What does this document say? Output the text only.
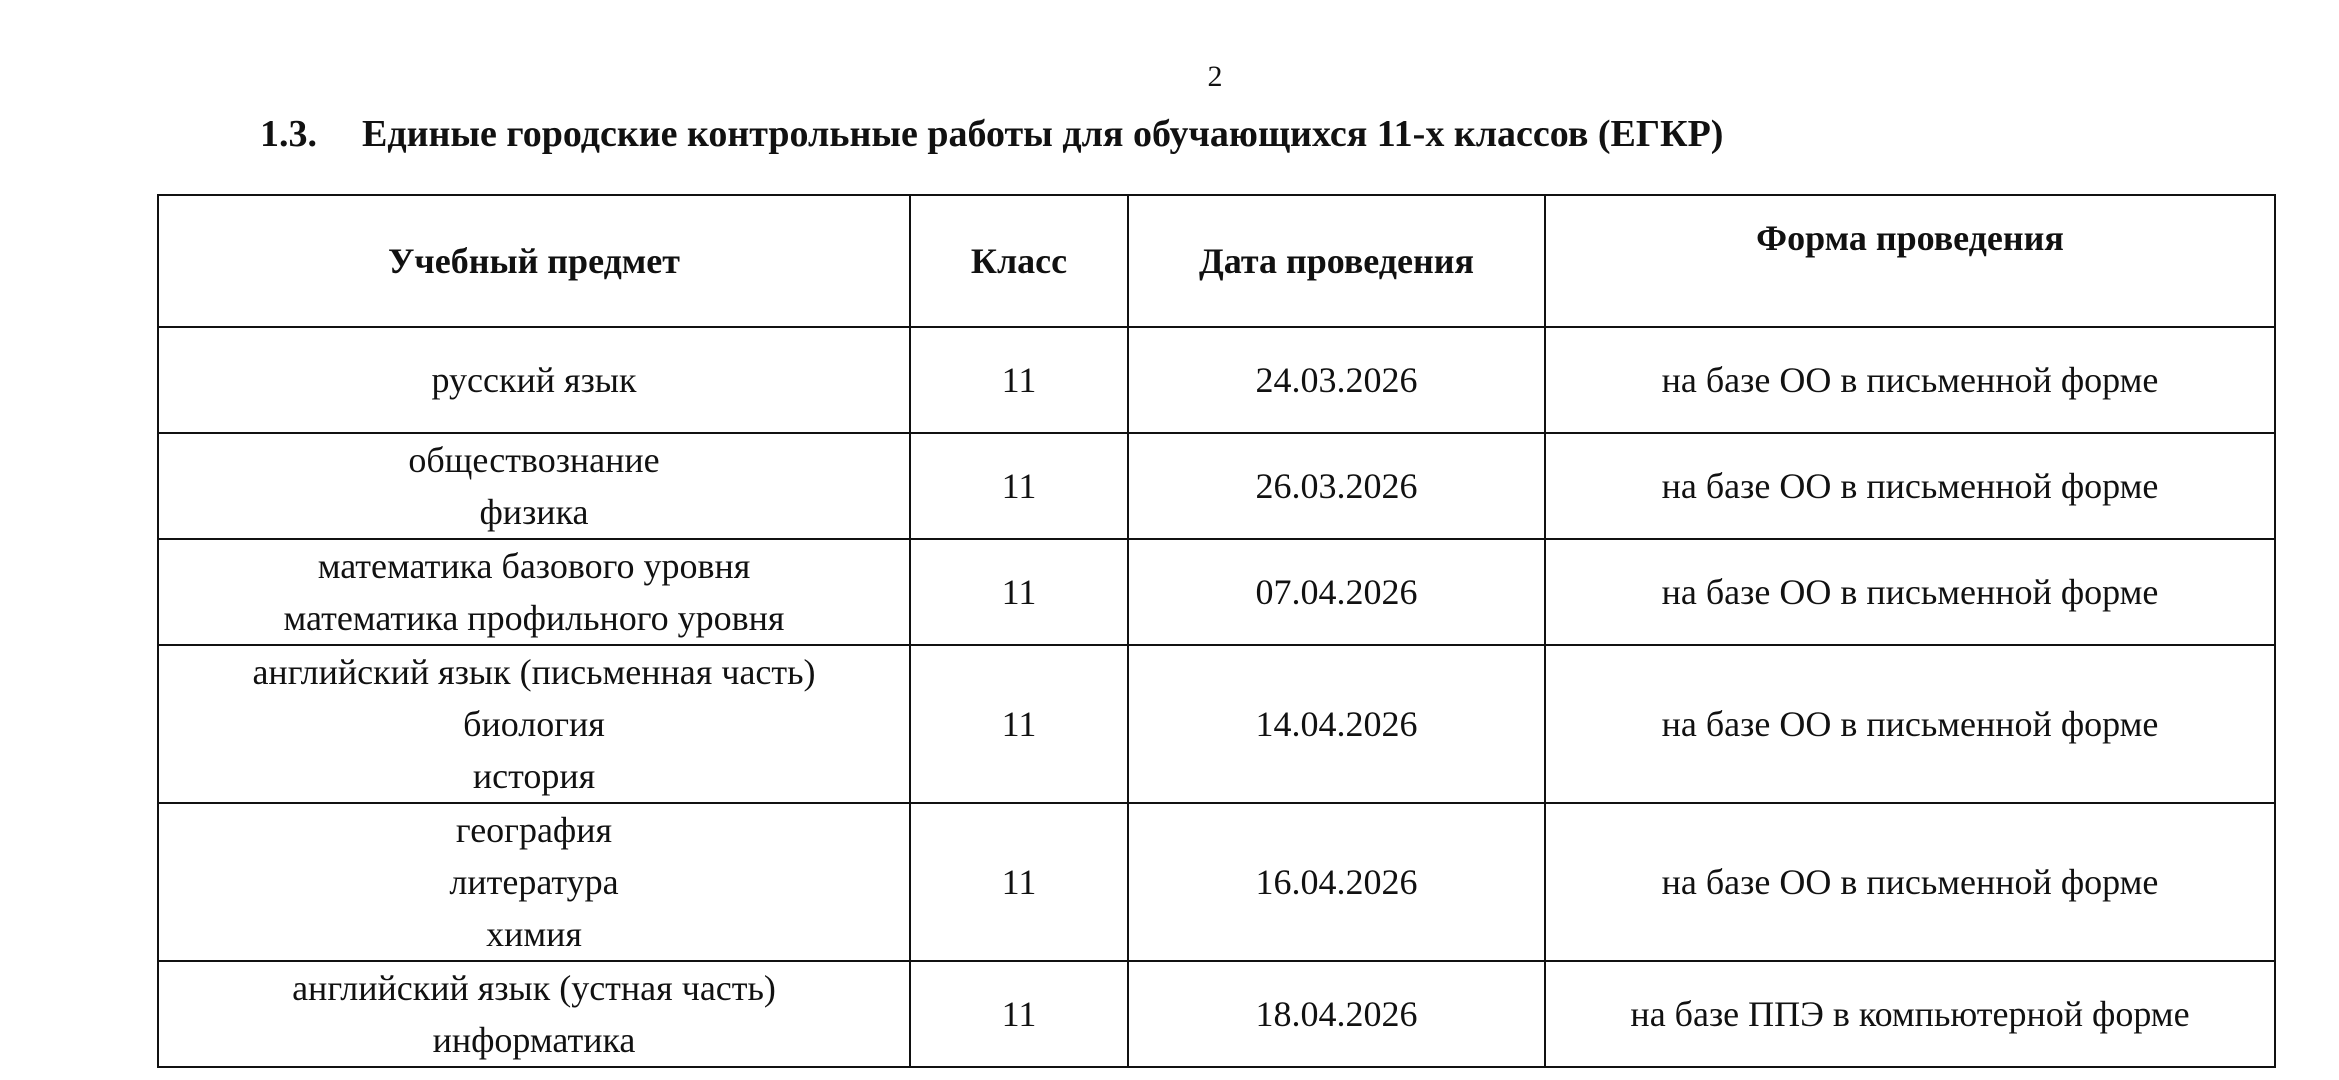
2
1.3. Единые городские контрольные работы для обучающихся 11-х классов (ЕГКР)
Учебный предмет	Класс	Дата проведения	Форма проведения

русский язык	11	24.03.2026	на базе ОО в письменной форме

обществознание
физика	11	26.03.2026	на базе ОО в письменной форме

математика базового уровня
математика профильного уровня	11	07.04.2026	на базе ОО в письменной форме

английский язык (письменная часть)
биология
история	11	14.04.2026	на базе ОО в письменной форме

география
литература
химия	11	16.04.2026	на базе ОО в письменной форме

английский язык (устная часть)
информатика	11	18.04.2026	на базе ППЭ в компьютерной форме
